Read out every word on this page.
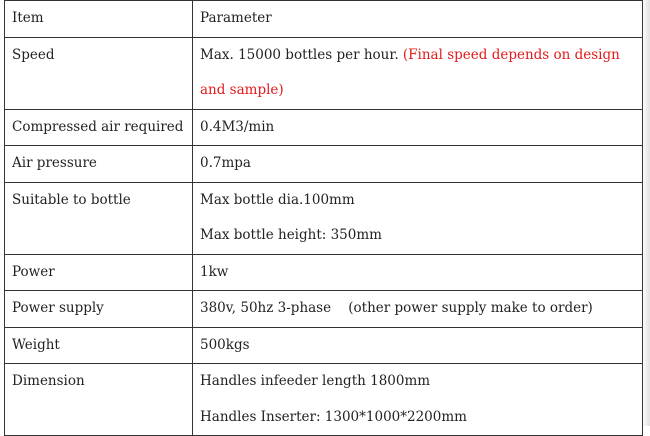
Item	Parameter

Speed	Max. 15000 bottles per hour. (Final speed depends on design
and sample)

Compressed air required	0.4M3/min

Air pressure	0.7mpa

Suitable to bottle	Max bottle dia.100mm
Max bottle height: 350mm

Power	1kw

Power supply	380v, 50hz 3-phase    (other power supply make to order)

Weight	500kgs

Dimension	Handles infeeder length 1800mm
Handles Inserter: 1300*1000*2200mm
